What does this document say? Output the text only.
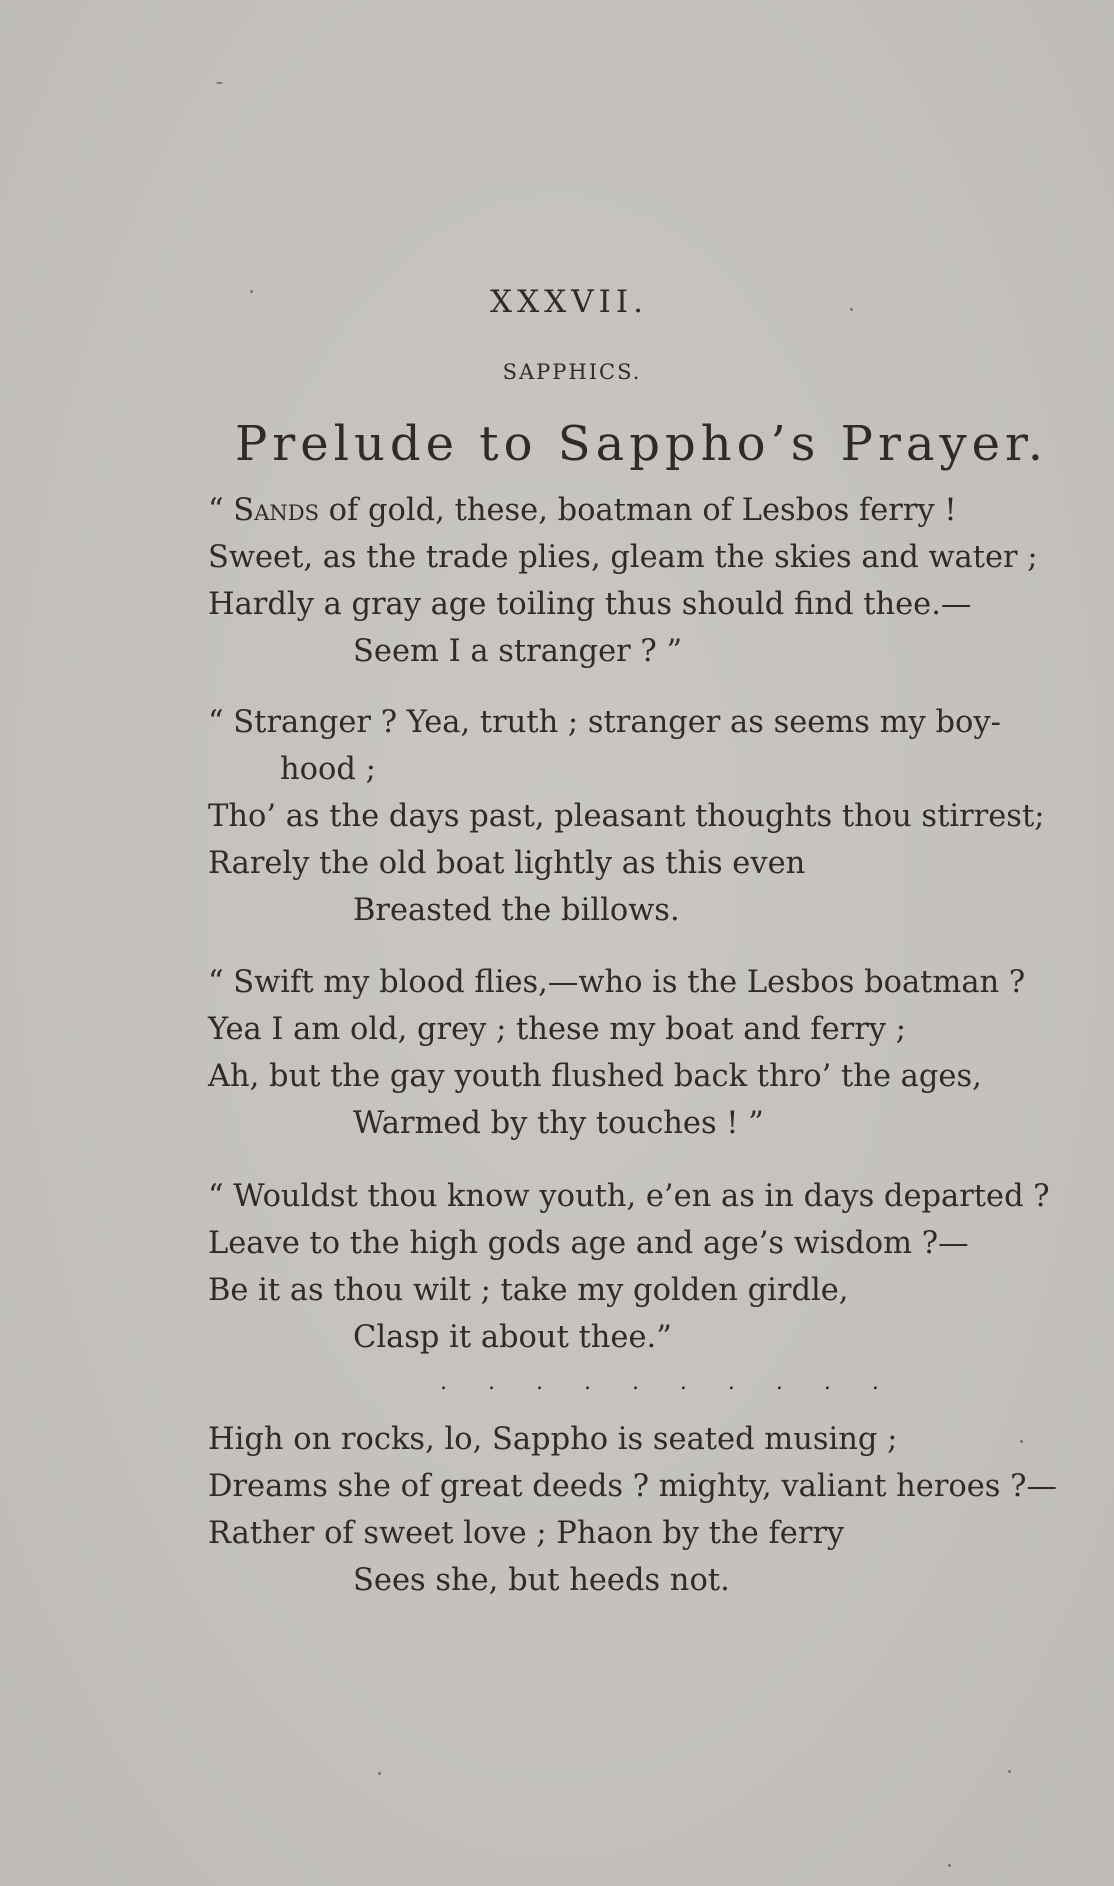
XXXVII.
SAPPHICS.
Prelude to Sappho’s Prayer.
“ Sands of gold, these, boatman of Lesbos ferry !
Sweet, as the trade plies, gleam the skies and water ;
Hardly a gray age toiling thus should find thee.—
Seem I a stranger ? ”
“ Stranger ? Yea, truth ; stranger as seems my boy-
hood ;
Tho’ as the days past, pleasant thoughts thou stirrest;
Rarely the old boat lightly as this even
Breasted the billows.
“ Swift my blood flies,—who is the Lesbos boatman ?
Yea I am old, grey ; these my boat and ferry ;
Ah, but the gay youth flushed back thro’ the ages,
Warmed by thy touches ! ”
“ Wouldst thou know youth, e’en as in days departed ?
Leave to the high gods age and age’s wisdom ?—
Be it as thou wilt ; take my golden girdle,
Clasp it about thee.”
. . . . . . . . . .
High on rocks, lo, Sappho is seated musing ;
Dreams she of great deeds ? mighty, valiant heroes ?—
Rather of sweet love ; Phaon by the ferry
Sees she, but heeds not.
